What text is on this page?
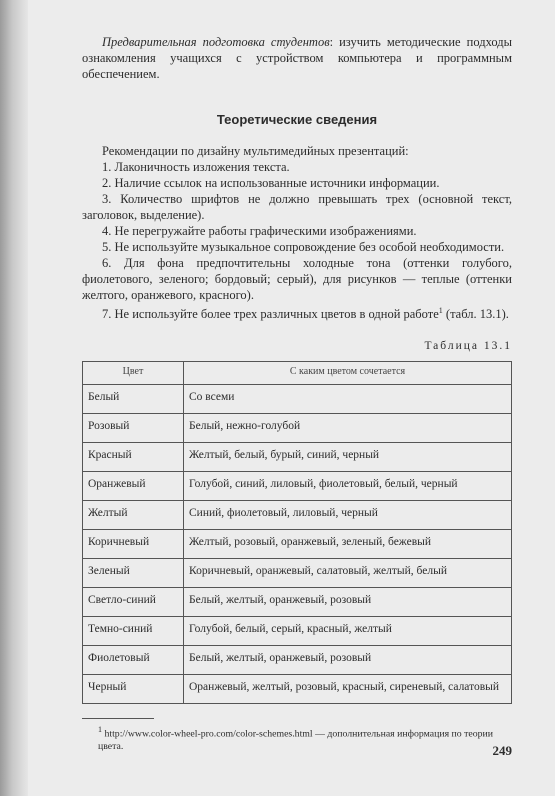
Предварительная подготовка студентов: изучить методические подходы ознакомления учащихся с устройством компьютера и программным обеспечением.

Теоретические сведения

Рекомендации по дизайну мультимедийных презентаций:

1. Лаконичность изложения текста.

2. Наличие ссылок на использованные источники информации.

3. Количество шрифтов не должно превышать трех (основной текст, заголовок, выделение).

4. Не перегружайте работы графическими изображениями.

5. Не используйте музыкальное сопровождение без особой необходимости.

6. Для фона предпочтительны холодные тона (оттенки голубого, фиолетового, зеленого; бордовый; серый), для рисунков — теплые (оттенки желтого, оранжевого, красного).

7. Не используйте более трех различных цветов в одной работе$^1$ (табл. 13.1).

Таблица 13.1
Цвет	С каким цветом сочетается
Белый	Со всеми
Розовый	Белый, нежно-голубой
Красный	Желтый, белый, бурый, синий, черный
Оранжевый	Голубой, синий, лиловый, фиолетовый, белый, черный
Желтый	Синий, фиолетовый, лиловый, черный
Коричневый	Желтый, розовый, оранжевый, зеленый, бежевый
Зеленый	Коричневый, оранжевый, салатовый, желтый, белый
Светло-синий	Белый, желтый, оранжевый, розовый
Темно-синий	Голубой, белый, серый, красный, желтый
Фиолетовый	Белый, желтый, оранжевый, розовый
Черный	Оранжевый, желтый, розовый, красный, сиреневый, салатовый

$^1$ http://www.color-wheel-pro.com/color-schemes.html — дополнительная информация по теории цвета.	249
